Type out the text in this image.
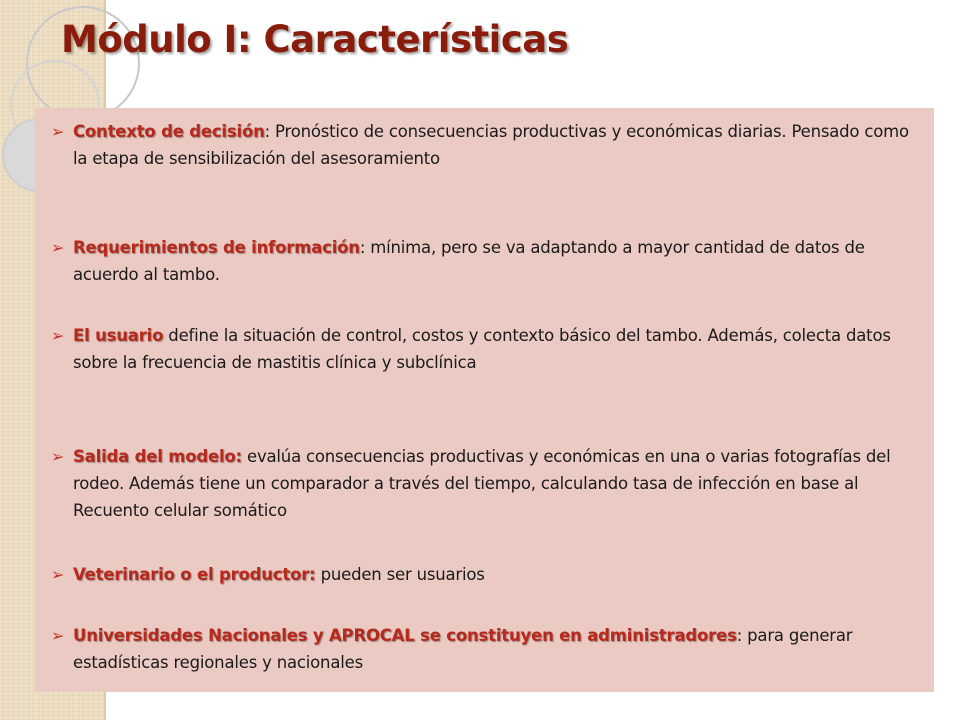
Módulo I: Características
➢ Contexto de decisión: Pronóstico de consecuencias productivas y económicas diarias. Pensado como la etapa de sensibilización del asesoramiento
➢ Requerimientos de información: mínima, pero se va adaptando a mayor cantidad de datos de acuerdo al tambo.
➢ El usuario define la situación de control, costos y contexto básico del tambo. Además, colecta datos sobre la frecuencia de mastitis clínica y subclínica
➢ Salida del modelo: evalúa consecuencias productivas y económicas en una o varias fotografías del rodeo. Además tiene un comparador a través del tiempo, calculando tasa de infección en base al Recuento celular somático
➢ Veterinario o el productor: pueden ser usuarios
➢ Universidades Nacionales y APROCAL se constituyen en administradores: para generar estadísticas regionales y nacionales
